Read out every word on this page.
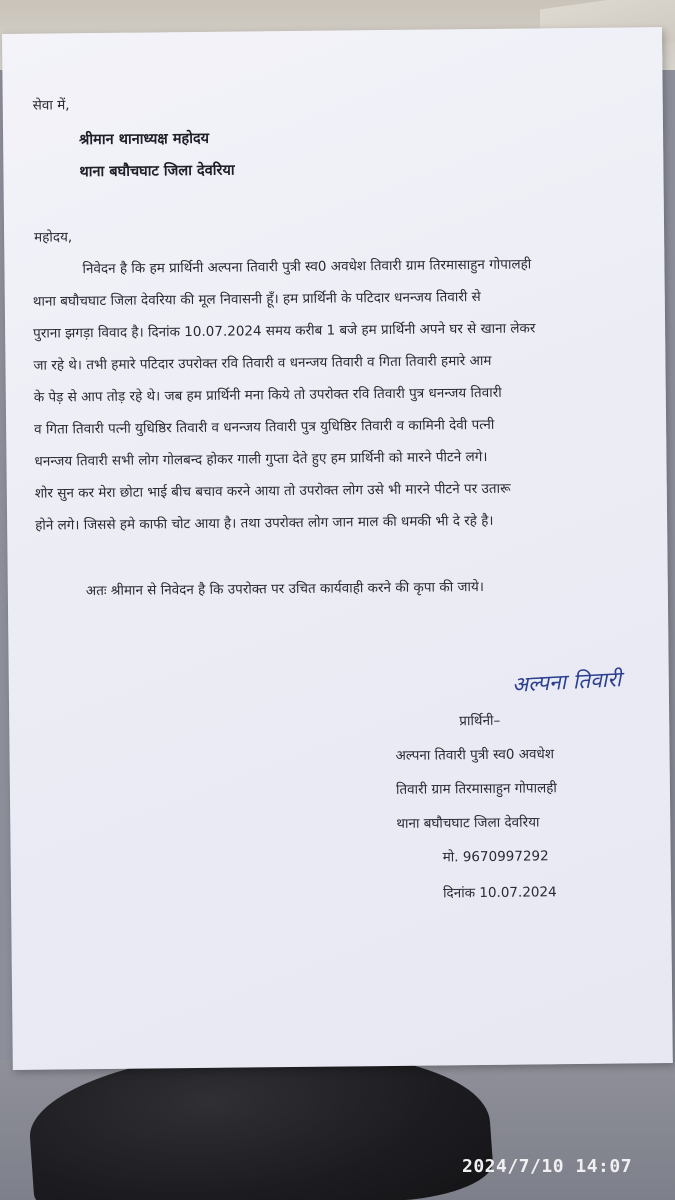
सेवा में,
श्रीमान थानाध्यक्ष महोदय
थाना बघौचघाट जिला देवरिया
महोदय,
निवेदन है कि हम प्रार्थिनी अल्पना तिवारी पुत्री स्व0 अवधेश तिवारी ग्राम तिरमासाहुन गोपालही
थाना बघौचघाट जिला देवरिया की मूल निवासनी हूँ। हम प्रार्थिनी के पटिदार धनन्जय तिवारी से
पुराना झगड़ा विवाद है। दिनांक 10.07.2024 समय करीब 1 बजे हम प्रार्थिनी अपने घर से खाना लेकर
जा रहे थे। तभी हमारे पटिदार उपरोक्त रवि तिवारी व धनन्जय तिवारी व गिता तिवारी हमारे आम
के पेड़ से आप तोड़ रहे थे। जब हम प्रार्थिनी मना किये तो उपरोक्त रवि तिवारी पुत्र धनन्जय तिवारी
व गिता तिवारी पत्नी युधिष्ठिर तिवारी व धनन्जय तिवारी पुत्र युधिष्ठिर तिवारी व कामिनी देवी पत्नी
धनन्जय तिवारी सभी लोग गोलबन्द होकर गाली गुप्ता देते हुए हम प्रार्थिनी को मारने पीटने लगे।
शोर सुन कर मेरा छोटा भाई बीच बचाव करने आया तो उपरोक्त लोग उसे भी मारने पीटने पर उतारू
होने लगे। जिससे हमे काफी चोट आया है। तथा उपरोक्त लोग जान माल की धमकी भी दे रहे है।
अतः श्रीमान से निवेदन है कि उपरोक्त पर उचित कार्यवाही करने की कृपा की जाये।
प्रार्थिनी–
अल्पना तिवारी पुत्री स्व0 अवधेश
तिवारी ग्राम तिरमासाहुन गोपालही
थाना बघौचघाट जिला देवरिया
मो. 9670997292
दिनांक 10.07.2024
अल्पना तिवारी
2024/7/10 14:07
